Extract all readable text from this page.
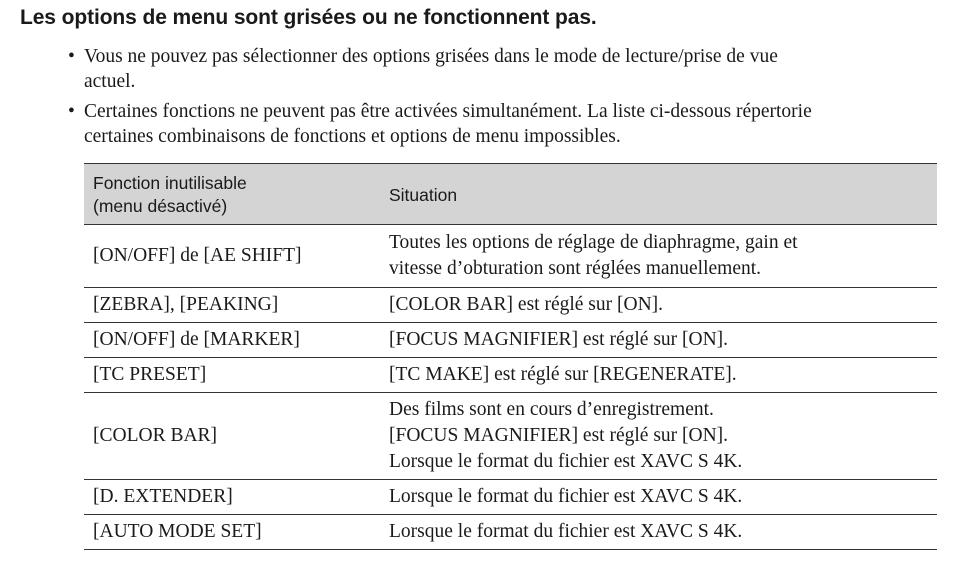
Les options de menu sont grisées ou ne fonctionnent pas.
• Vous ne pouvez pas sélectionner des options grisées dans le mode de lecture/prise de vue
actuel.
• Certaines fonctions ne peuvent pas être activées simultanément. La liste ci-dessous répertorie
certaines combinaisons de fonctions et options de menu impossibles.
Fonction inutilisable
(menu désactivé)	Situation
[ON/OFF] de [AE SHIFT]	Toutes les options de réglage de diaphragme, gain et
vitesse d’obturation sont réglées manuellement.

[ZEBRA], [PEAKING]	[COLOR BAR] est réglé sur [ON].

[ON/OFF] de [MARKER]	[FOCUS MAGNIFIER] est réglé sur [ON].

[TC PRESET]	[TC MAKE] est réglé sur [REGENERATE].

[COLOR BAR]	Des films sont en cours d’enregistrement.
[FOCUS MAGNIFIER] est réglé sur [ON].
Lorsque le format du fichier est XAVC S 4K.

[D. EXTENDER]	Lorsque le format du fichier est XAVC S 4K.

[AUTO MODE SET]	Lorsque le format du fichier est XAVC S 4K.
